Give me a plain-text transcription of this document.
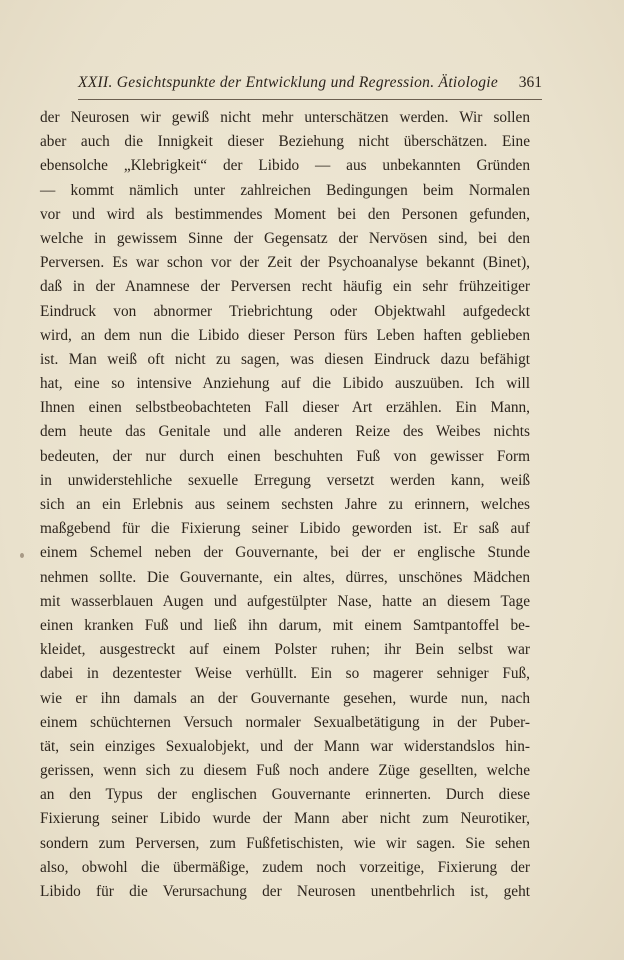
XXII. Gesichtspunkte der Entwicklung und Regression. Ätiologie 361
der Neurosen wir gewiß nicht mehr unterschätzen werden. Wir sollen
aber auch die Innigkeit dieser Beziehung nicht überschätzen. Eine
ebensolche „Klebrigkeit“ der Libido — aus unbekannten Gründen
— kommt nämlich unter zahlreichen Bedingungen beim Normalen
vor und wird als bestimmendes Moment bei den Personen gefunden,
welche in gewissem Sinne der Gegensatz der Nervösen sind, bei den
Perversen. Es war schon vor der Zeit der Psychoanalyse bekannt (Binet),
daß in der Anamnese der Perversen recht häufig ein sehr frühzeitiger
Eindruck von abnormer Triebrichtung oder Objektwahl aufgedeckt
wird, an dem nun die Libido dieser Person fürs Leben haften geblieben
ist. Man weiß oft nicht zu sagen, was diesen Eindruck dazu befähigt
hat, eine so intensive Anziehung auf die Libido auszuüben. Ich will
Ihnen einen selbstbeobachteten Fall dieser Art erzählen. Ein Mann,
dem heute das Genitale und alle anderen Reize des Weibes nichts
bedeuten, der nur durch einen beschuhten Fuß von gewisser Form
in unwiderstehliche sexuelle Erregung versetzt werden kann, weiß
sich an ein Erlebnis aus seinem sechsten Jahre zu erinnern, welches
maßgebend für die Fixierung seiner Libido geworden ist. Er saß auf
einem Schemel neben der Gouvernante, bei der er englische Stunde
nehmen sollte. Die Gouvernante, ein altes, dürres, unschönes Mädchen
mit wasserblauen Augen und aufgestülpter Nase, hatte an diesem Tage
einen kranken Fuß und ließ ihn darum, mit einem Samtpantoffel be-
kleidet, ausgestreckt auf einem Polster ruhen; ihr Bein selbst war
dabei in dezentester Weise verhüllt. Ein so magerer sehniger Fuß,
wie er ihn damals an der Gouvernante gesehen, wurde nun, nach
einem schüchternen Versuch normaler Sexualbetätigung in der Puber-
tät, sein einziges Sexualobjekt, und der Mann war widerstandslos hin-
gerissen, wenn sich zu diesem Fuß noch andere Züge gesellten, welche
an den Typus der englischen Gouvernante erinnerten. Durch diese
Fixierung seiner Libido wurde der Mann aber nicht zum Neurotiker,
sondern zum Perversen, zum Fußfetischisten, wie wir sagen. Sie sehen
also, obwohl die übermäßige, zudem noch vorzeitige, Fixierung der
Libido für die Verursachung der Neurosen unentbehrlich ist, geht
